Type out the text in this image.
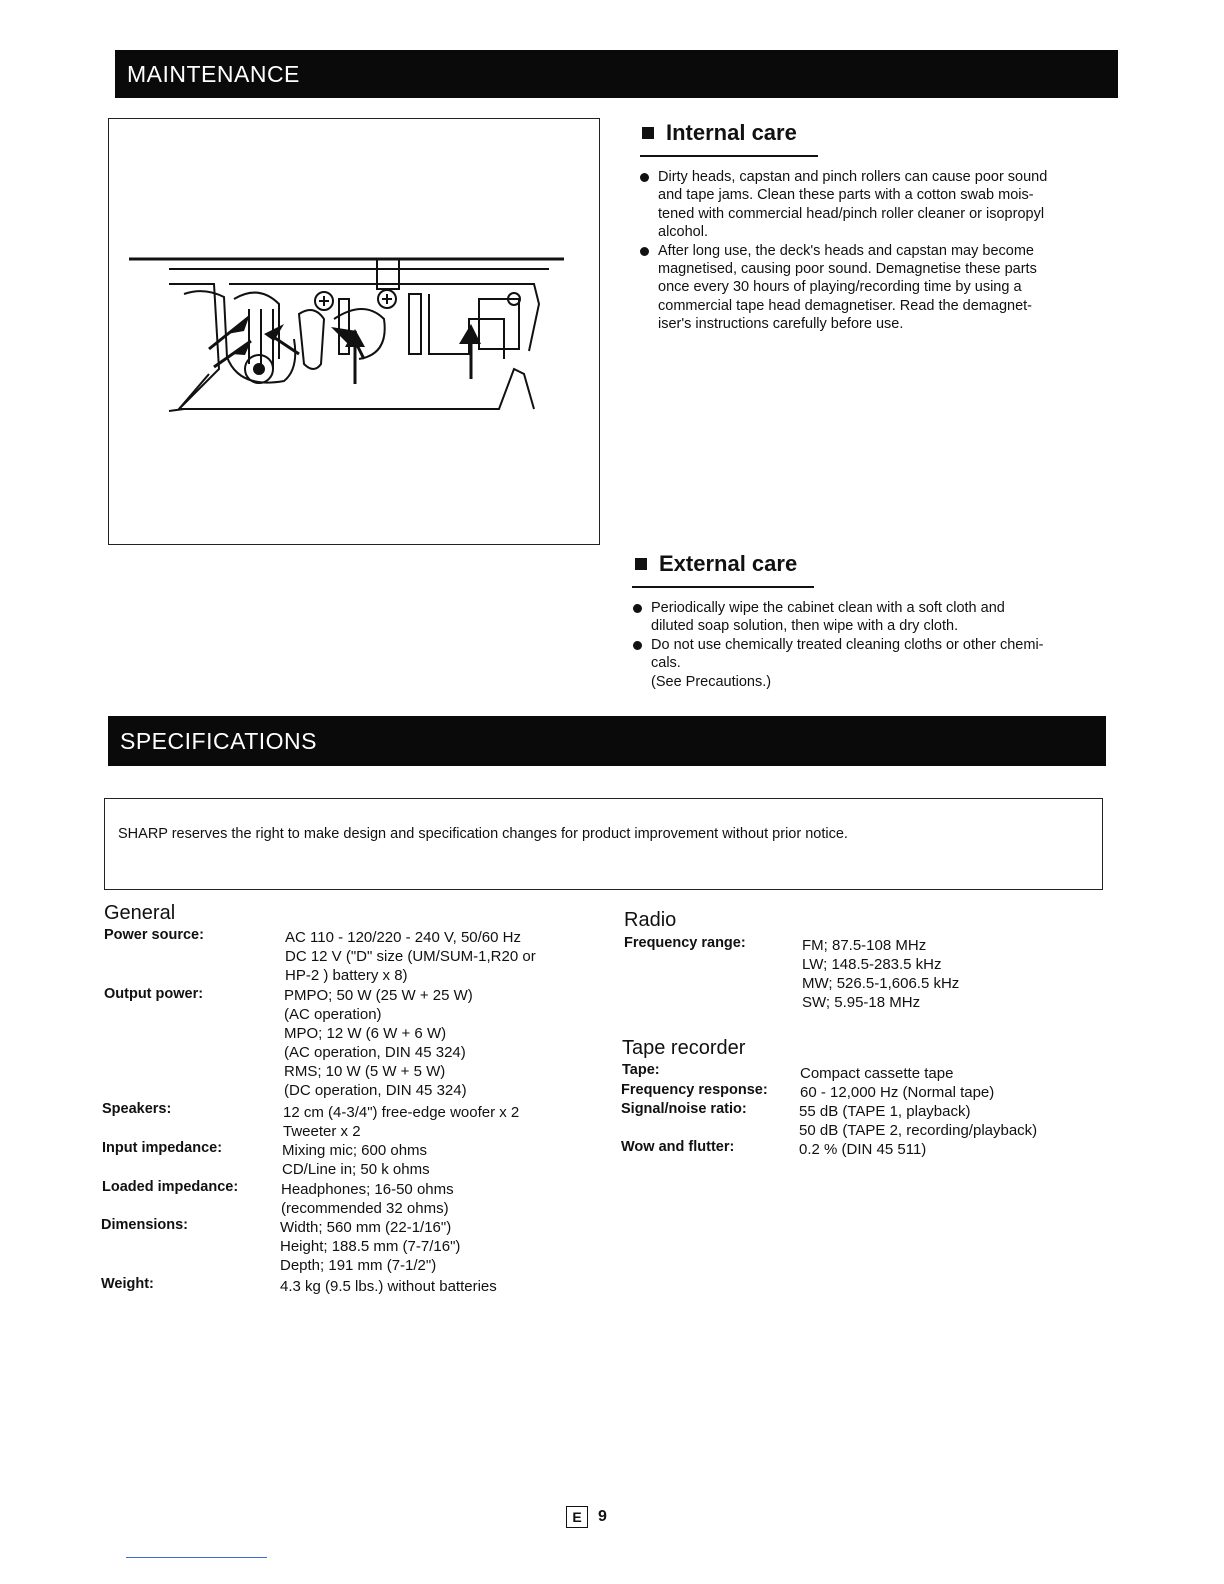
MAINTENANCE
Internal care
Dirty heads, capstan and pinch rollers can cause poor sound
and tape jams. Clean these parts with a cotton swab mois-
tened with commercial head/pinch roller cleaner or isopropyl
alcohol.
After long use, the deck's heads and capstan may become
magnetised, causing poor sound. Demagnetise these parts
once every 30 hours of playing/recording time by using a
commercial tape head demagnetiser. Read the demagnet-
iser's instructions carefully before use.
External care
Periodically wipe the cabinet clean with a soft cloth and
diluted soap solution, then wipe with a dry cloth.
Do not use chemically treated cleaning cloths or other chemi-
cals.
(See Precautions.)
SPECIFICATIONS
SHARP reserves the right to make design and specification changes for product improvement without prior notice.
General
Power source:	AC 110 - 120/220 - 240 V, 50/60 Hz
DC 12 V ("D" size (UM/SUM-1,R20 or
HP-2 ) battery x 8)
Output power:	PMPO; 50 W (25 W + 25 W)
(AC operation)
MPO; 12 W (6 W + 6 W)
(AC operation, DIN 45 324)
RMS; 10 W (5 W + 5 W)
(DC operation, DIN 45 324)
Speakers:	12 cm (4-3/4") free-edge woofer x 2
Tweeter x 2
Input impedance:	Mixing mic; 600 ohms
CD/Line in; 50 k ohms
Loaded impedance:	Headphones; 16-50 ohms
(recommended 32 ohms)
Dimensions:	Width; 560 mm (22-1/16")
Height; 188.5 mm (7-7/16")
Depth; 191 mm (7-1/2")
Weight:	4.3 kg (9.5 lbs.) without batteries
Radio
Frequency range:	FM; 87.5-108 MHz
LW; 148.5-283.5 kHz
MW; 526.5-1,606.5 kHz
SW; 5.95-18 MHz
Tape recorder
Tape:	Compact cassette tape
Frequency response: 60 - 12,000 Hz (Normal tape)
Signal/noise ratio:	55 dB (TAPE 1, playback)
50 dB (TAPE 2, recording/playback)
Wow and flutter:	0.2 % (DIN 45 511)
E	9
